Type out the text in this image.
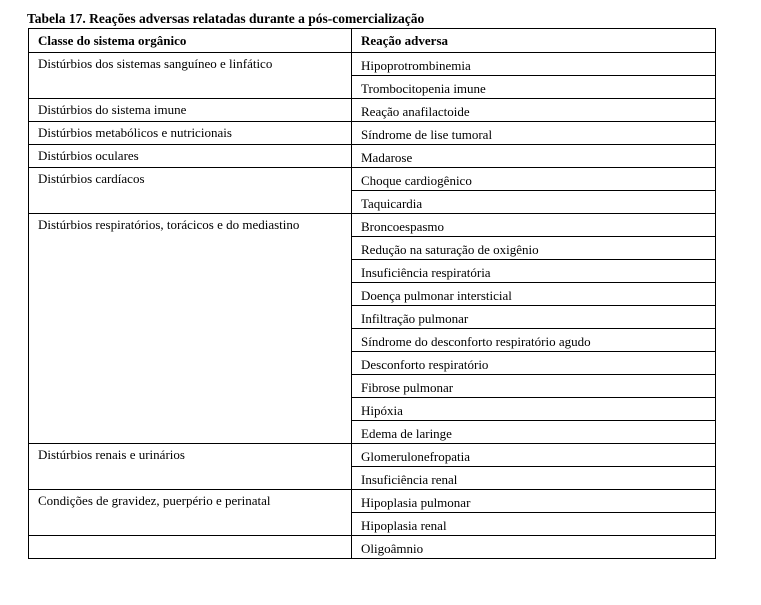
Tabela 17. Reações adversas relatadas durante a pós-comercialização
Classe do sistema orgânico	Reação adversa
Distúrbios dos sistemas sanguíneo e linfático	Hipoprotrombinemia
	Trombocitopenia imune
Distúrbios do sistema imune	Reação anafilactoide
Distúrbios metabólicos e nutricionais	Síndrome de lise tumoral
Distúrbios oculares	Madarose
Distúrbios cardíacos	Choque cardiogênico
	Taquicardia
Distúrbios respiratórios, torácicos e do mediastino	Broncoespasmo
	Redução na saturação de oxigênio
	Insuficiência respiratória
	Doença pulmonar intersticial
	Infiltração pulmonar
	Síndrome do desconforto respiratório agudo
	Desconforto respiratório
	Fibrose pulmonar
	Hipóxia
	Edema de laringe
Distúrbios renais e urinários	Glomerulonefropatia
	Insuficiência renal
Condições de gravidez, puerpério e perinatal	Hipoplasia pulmonar
	Hipoplasia renal
	Oligoâmnio
